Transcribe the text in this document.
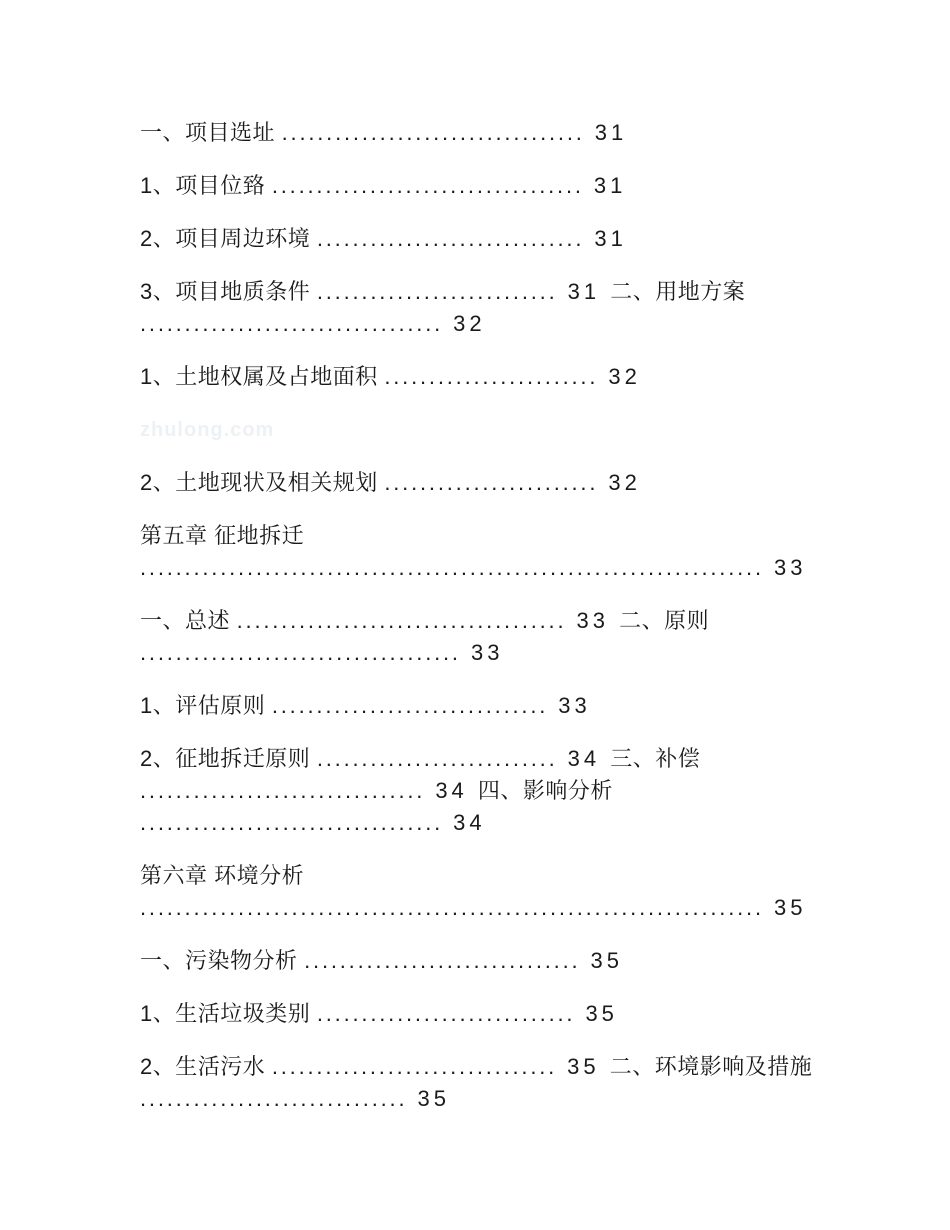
一、项目选址 .................................. 31
1、项目位臵 ................................... 31
2、项目周边环境 .............................. 31
3、项目地质条件 ........................... 31 二、用地方案
.................................. 32
1、土地权属及占地面积 ........................ 32
zhulong.com
2、土地现状及相关规划 ........................ 32
第五章 征地拆迁
...................................................................... 33
一、总述 ..................................... 33 二、原则
.................................... 33
1、评估原则 ............................... 33
2、征地拆迁原则 ........................... 34 三、补偿
................................ 34 四、影响分析
.................................. 34
第六章 环境分析
...................................................................... 35
一、污染物分析 ............................... 35
1、生活垃圾类别 ............................. 35
2、生活污水 ................................ 35 二、环境影响及措施
.............................. 35
